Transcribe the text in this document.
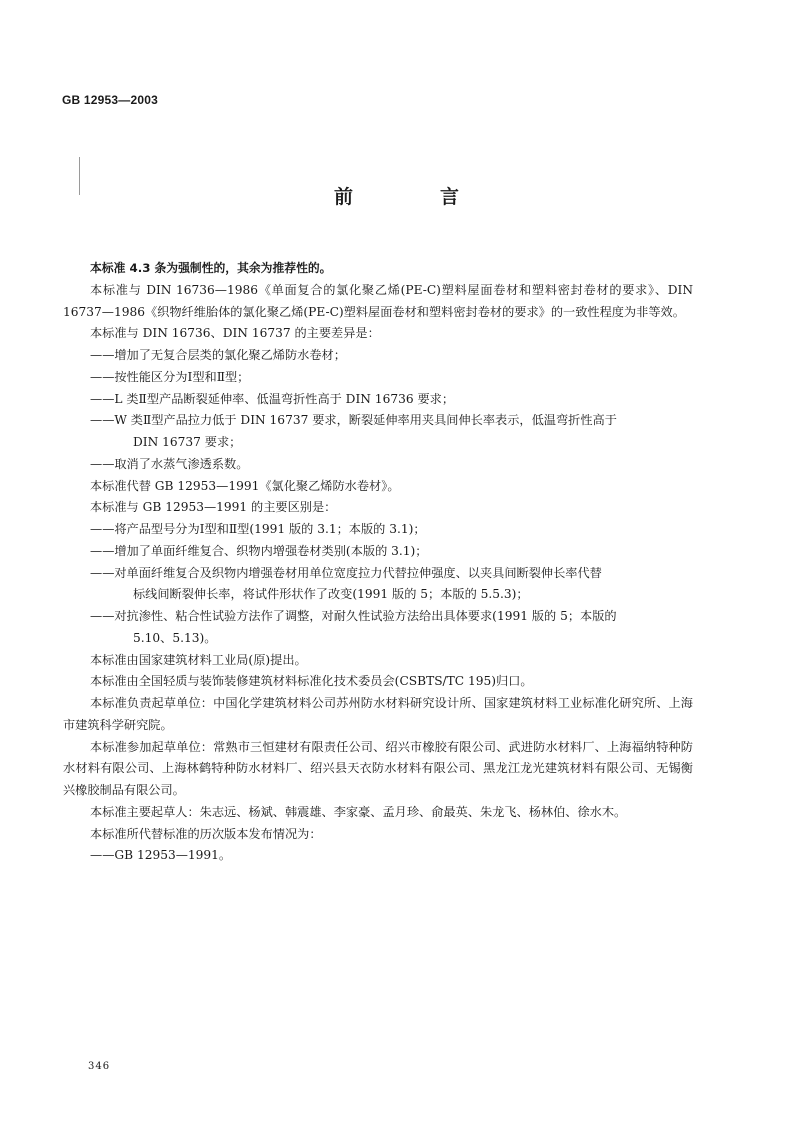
GB 12953—2003
前　言

本标准 4.3 条为强制性的，其余为推荐性的。

本标准与 DIN 16736—1986《单面复合的氯化聚乙烯(PE-C)塑料屋面卷材和塑料密封卷材的要求》、DIN 16737—1986《织物纤维胎体的氯化聚乙烯(PE-C)塑料屋面卷材和塑料密封卷材的要求》的一致性程度为非等效。

本标准与 DIN 16736、DIN 16737 的主要差异是：

——增加了无复合层类的氯化聚乙烯防水卷材；

——按性能区分为Ⅰ型和Ⅱ型；

——L 类Ⅱ型产品断裂延伸率、低温弯折性高于 DIN 16736 要求；

——W 类Ⅱ型产品拉力低于 DIN 16737 要求，断裂延伸率用夹具间伸长率表示，低温弯折性高于

DIN 16737 要求；

——取消了水蒸气渗透系数。

本标准代替 GB 12953—1991《氯化聚乙烯防水卷材》。

本标准与 GB 12953—1991 的主要区别是：

——将产品型号分为Ⅰ型和Ⅱ型(1991 版的 3.1；本版的 3.1)；

——增加了单面纤维复合、织物内增强卷材类别(本版的 3.1)；

——对单面纤维复合及织物内增强卷材用单位宽度拉力代替拉伸强度、以夹具间断裂伸长率代替

标线间断裂伸长率，将试件形状作了改变(1991 版的 5；本版的 5.5.3)；

——对抗渗性、粘合性试验方法作了调整，对耐久性试验方法给出具体要求(1991 版的 5；本版的

5.10、5.13)。

本标准由国家建筑材料工业局(原)提出。

本标准由全国轻质与装饰装修建筑材料标准化技术委员会(CSBTS/TC 195)归口。

本标准负责起草单位：中国化学建筑材料公司苏州防水材料研究设计所、国家建筑材料工业标准化研究所、上海市建筑科学研究院。

本标准参加起草单位：常熟市三恒建材有限责任公司、绍兴市橡胶有限公司、武进防水材料厂、上海福纳特种防水材料有限公司、上海林鹤特种防水材料厂、绍兴县天衣防水材料有限公司、黑龙江龙光建筑材料有限公司、无锡衡兴橡胶制品有限公司。

本标准主要起草人：朱志远、杨斌、韩震雄、李家豪、孟月珍、俞最英、朱龙飞、杨林伯、徐水木。

本标准所代替标准的历次版本发布情况为：

——GB 12953—1991。

346
